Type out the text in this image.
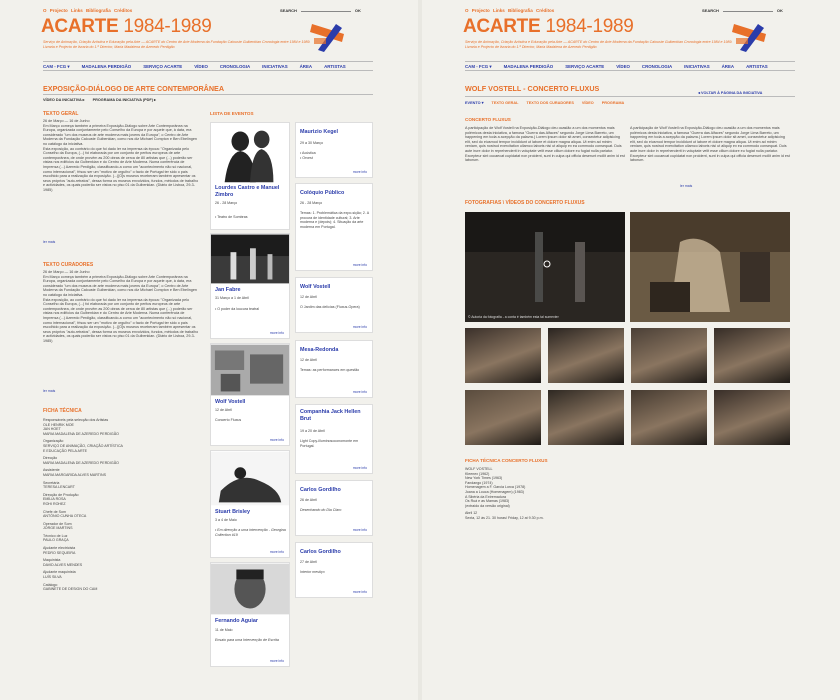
O Projecto Links Bibliografia Créditos	SEARCH	OK
ACARTE 1984-1989
Serviço de Animação, Criação Artística e Educação pela Arte — ACARTE do Centro de Arte Moderna da Fundação Calouste Gulbenkian Cronologia entre 1984 e 1989. Livraria e Projecto de livraria do 1.º Director, Maria Madalena de Azeredo Perdigão
CAM - FCG ▾	MADALENA PERDIGÃO	SERVIÇO ACARTE	VÍDEO	CRONOLOGIA	INICIATIVAS	ÁREA	ARTISTAS
EXPOSIÇÃO-DIÁLOGO DE ARTE CONTEMPORÂNEA
VÍDEO DA INICIATIVA ▸ PROGRAMA DA INICIATIVA (PDF) ▸
TEXTO GERAL
26 de Março — 16 de Junho
Em Março começa também a primeira Exposição-Diálogo sobre Arte Contemporânea na Europa, organizada conjuntamente pelo Conselho da Europa e por aquele que, à data, era considerado "um dos museus de arte moderna mais jovens da Europa", o Centro de Arte Moderna da Fundação Calouste Gulbenkian, como nos diz Michael Compton e Ben Ebelingen no catálogo da iniciativa.
Esta exposição, ao contrário do que foi dado ler na imprensa da época: "Organizada pelo Conselho da Europa, (...) foi elaborada por um conjunto de peritos europeus de arte contemporânea, de onde provêm as 200 obras de cerca de 80 artistas que (...) poderão ser vistas nos edifícios da Gulbenkian e do Centro de Arte Moderna. Numa conferência de Imprensa (...) Azeredo Perdigão, classificando-a como um "acontecimento não só nacional, como internacional", frisou ser um "motivo de orgulho" o facto de Portugal ter sido o país escolhido para a realização da exposição. (...)[O]s museus receberam também apresentar os seus próprios "auto-retratos", dessa forma os museus envolvidos, fundos, métodos de trabalho e actividades, os quais poderão ser vistos no piso 01 da Gulbenkian. (Diário de Lisboa, 29-3-1985)
ler mais
TEXTO CURADORES
26 de Março — 16 de Junho
Em Março começa também a primeira Exposição-Diálogo sobre Arte Contemporânea na Europa, organizada conjuntamente pelo Conselho da Europa e por aquele que, à data, era considerado "um dos museus de arte moderna mais jovens da Europa", o Centro de Arte Moderna da Fundação Calouste Gulbenkian, como nos diz Michael Compton e Ben Ebelingen no catálogo da iniciativa.
Esta exposição, ao contrário do que foi dado ler na imprensa da época: "Organizada pelo Conselho da Europa, (...) foi elaborada por um conjunto de peritos europeus de arte contemporânea, de onde provêm as 200 obras de cerca de 80 artistas que (...) poderão ser vistas nos edifícios da Gulbenkian e do Centro de Arte Moderna. Numa conferência de Imprensa (...) Azeredo Perdigão, classificando-a como um "acontecimento não só nacional, como internacional", frisou ser um "motivo de orgulho" o facto de Portugal ter sido o país escolhido para a realização da exposição. (...)[O]s museus receberam também apresentar os seus próprios "auto-retratos", dessa forma os museus envolvidos, fundos, métodos de trabalho e actividades, os quais poderão ser vistos no piso 01 da Gulbenkian. (Diário de Lisboa, 29-3-1985)
ler mais
FICHA TÉCNICA
Responsáveis pela selecção dos Artistas
OLE HENRIK MOE
JAN HOET
MARIA MADALENA DE AZEREDO PERDIGÃO
Organização
SERVIÇO DE ANIMAÇÃO, CRIAÇÃO ARTÍSTICA
E EDUCAÇÃO PELA ARTE
Direcção
MARIA MADALENA DE AZEREDO PERDIGÃO
Assistente
MARIA MARGARIDA ALVES MARTINS
Secretária
TERESA LENCART
Direcção de Produção
EMÍLIA ROSA
ROHI ROHEZ
Chefe de Som
ANTÓNIO CUNHA OTECA
Operador de Som
JORGE MARTINS
Técnico de Luz
PAULO GRAÇA
Ajudante electricista
PEDRO SEQUEIRA
Maquinista
DAVID ALVES MENDES
Ajudante maquinista
LUÍS SILVA
Catálogo
GABINETE DE DESIGN DO CAM
LISTA DE EVENTOS
Lourdes Castro e Manuel Zimbro
26 - 28 Março
• Teatro de Sombras
Jan Fabre
31 Março a 1 de Abril
• O poder da loucura teatral
more info
Wolf Vostell
12 de Abril
Concerto Fluxus
more info
Stuart Brisley
3 a 4 de Maio
• Em direcção a uma intervenção - Georgina Collection #19
more info
Fernando Aguiar
11 de Maio
Ensaio para uma Intervenção de Escrita
more info
Maurizio Kegel
29 a 30 Março
• Acústica
• Orvest
more info
Colóquio Público
26 - 28 Março
Temas: 1. Problemática da expo-sição; 2. A procura de identidade cultural; 3. Arte moderna e (depois); 4. Situação da arte moderna em Portugal.
more info
Wolf Vostell
12 de Abril
O Jardim das delícias (Fluxus-Opera)
more info
Mesa-Redonda
12 de Abril
Temas: as performances em questão
more info
Companhia Jack Hellen Brut
19 a 20 de Abril
Light Copy-illuminosoconomonte em Portugal.
more info
Carlos Gordilho
26 de Abril
Desenhando do Dia Claro
more info
Carlos Gordilho
27 de Abril
Interior mestiço
more info
O Projecto Links Bibliografia Créditos	SEARCH	OK
ACARTE 1984-1989
Serviço de Animação, Criação Artística e Educação pela Arte — ACARTE do Centro de Arte Moderna da Fundação Calouste Gulbenkian Cronologia entre 1984 e 1989. Livraria e Projecto de livraria do 1.º Director, Maria Madalena de Azeredo Perdigão
CAM - FCG ▾	MADALENA PERDIGÃO	SERVIÇO ACARTE	VÍDEO	CRONOLOGIA	INICIATIVAS	ÁREA	ARTISTAS
WOLF VOSTELL - CONCERTO FLUXUS	◂ VOLTAR À PÁGINA DA INICIATIVA
EVENTO ▾ TEXTO GERAL TEXTO DOS CURADORES VÍDEO PROGRAMA
CONCERTO FLUXUS
A participação de Wolf Vostell na Exposição-Diálogo deu ocasião a um dos momentos mais polémicos desta iniciativa, a famosa "Guerra das Alfaces" segundo Jorge Lima Barreto, um happening em toda a acepção da palavra.( Lorem ipsum dolor sit amet, consectetur adipisicing elit, sed do eiusmod tempor incididunt ut labore et dolore magna aliqua. Ut enim ad minim veniam, quis nostrud exercitation ullamco laboris nisi ut aliquip ex ea commodo consequat. Duis aute irure dolor in reprehenderit in voluptate velit esse cillum dolore eu fugiat nulla pariatur. Excepteur sint occaecat cupidatat non proident, sunt in culpa qui officia deserunt mollit anim id est laborum.
A participação de Wolf Vostell na Exposição-Diálogo deu ocasião a um dos momentos mais polémicos desta iniciativa, a famosa "Guerra das Alfaces" segundo Jorge Lima Barreto, um happening em toda a acepção da palavra.( Lorem ipsum dolor sit amet, consectetur adipisicing elit, sed do eiusmod tempor incididunt ut labore et dolore magna aliqua. Ut enim ad minim veniam, quis nostrud exercitation ullamco laboris nisi ut aliquip ex ea commodo consequat. Duis aute irure dolor in reprehenderit in voluptate velit esse cillum dolore eu fugiat nulla pariatur. Excepteur sint occaecat cupidatat non proident, sunt in culpa qui officia deserunt mollit anim id est laborum.
ler mais
FOTOGRAFIAS \ VÍDEOS DO CONCERTO FLUXUS
© Autoria da fotografia - a conta é também esta tal sumexter
FICHA TÉCNICA CONCERTO FLUXUS
WOLF VOSTELL
Kleenex (1962)
New York Times (1963)
Fandango (1974)
Homenagem a F. Garcia Lorca (1978)
Joana a Louca (Homenagem) (1983)
A Sibéria da Extremadura
Os Ruá e as Mamas (1983)
(extraído da versão original)
Abril 12
Sexta, 12 às 21. 30 horas/ Friday, 12 at 9.30 p.m.
